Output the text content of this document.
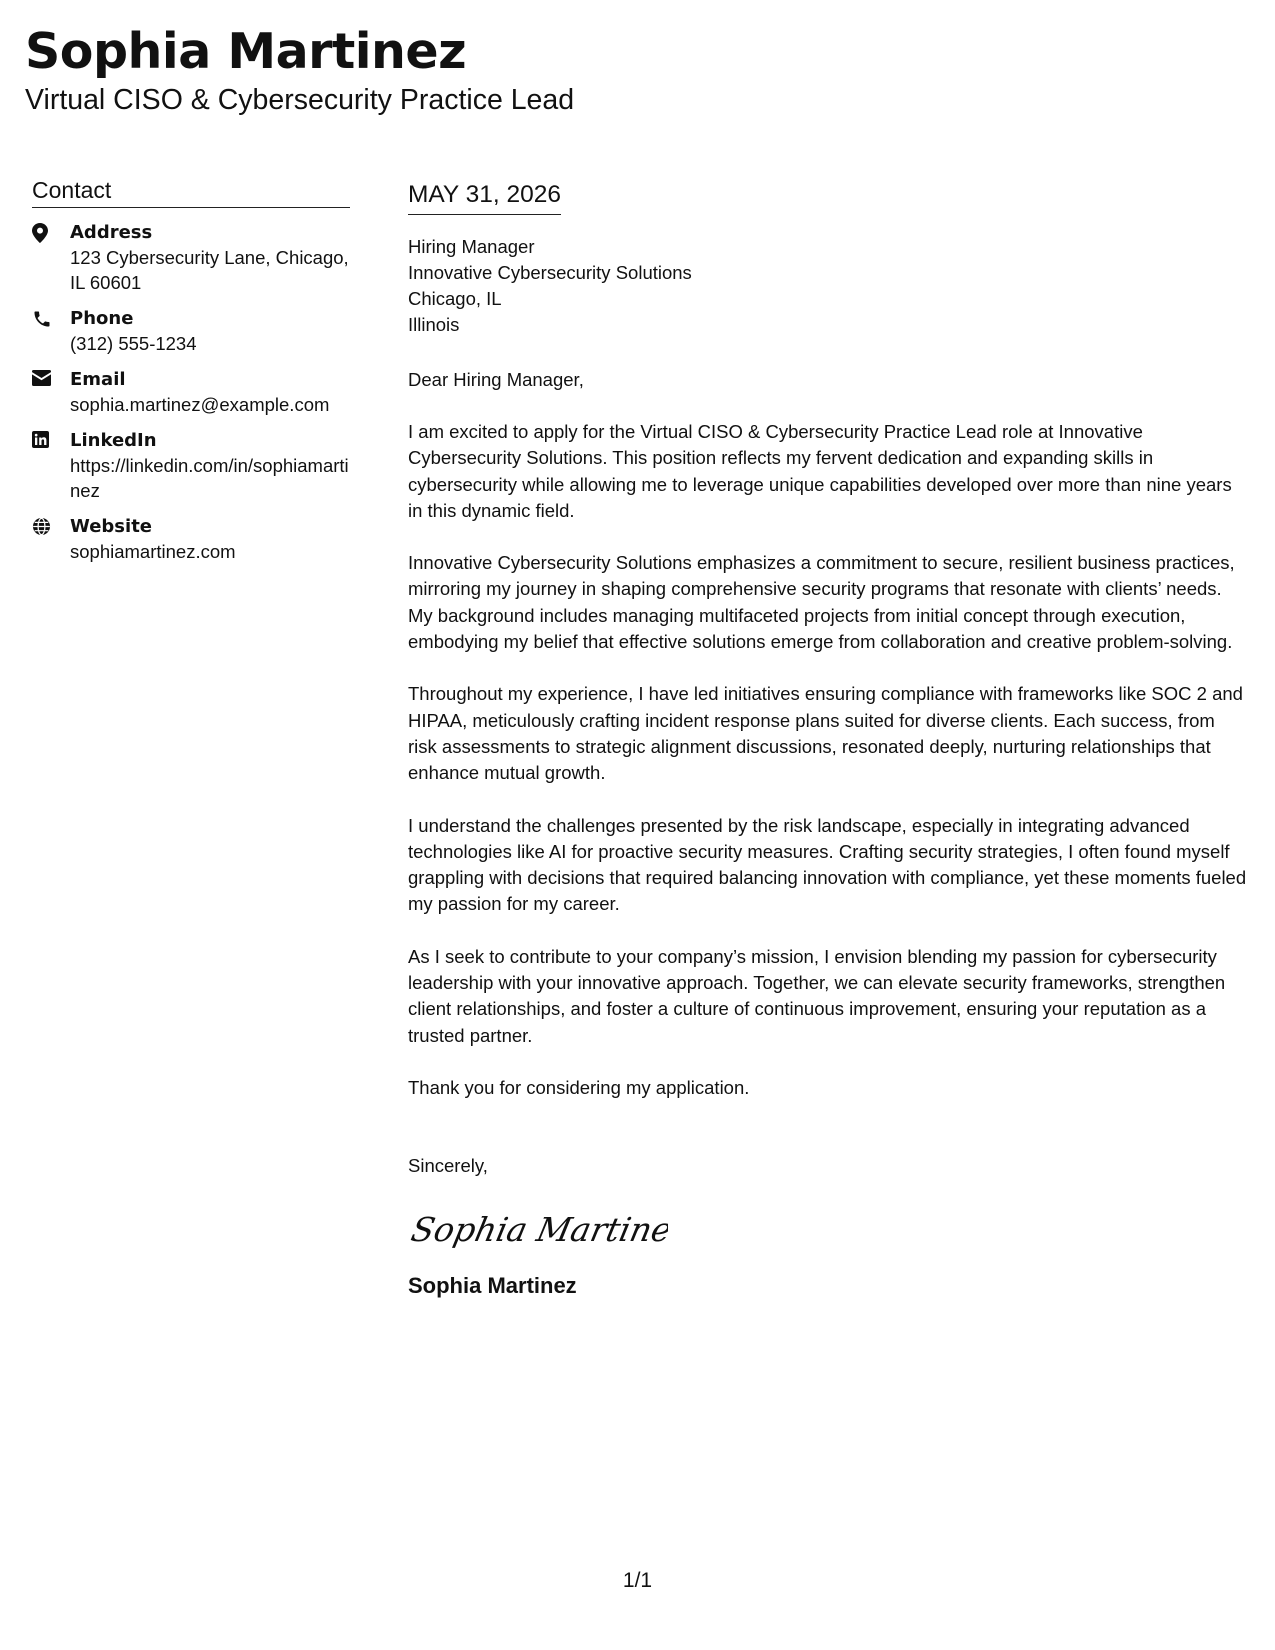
Sophia Martinez
Virtual CISO & Cybersecurity Practice Lead
Contact
Address
123 Cybersecurity Lane, Chicago, IL 60601
Phone
(312) 555-1234
Email
sophia.martinez@example.com
LinkedIn
https://linkedin.com/in/sophiamartinez
Website
sophiamartinez.com
MAY 31, 2026
Hiring Manager
Innovative Cybersecurity Solutions
Chicago, IL
Illinois
Dear Hiring Manager,
I am excited to apply for the Virtual CISO & Cybersecurity Practice Lead role at Innovative Cybersecurity Solutions. This position reflects my fervent dedication and expanding skills in cybersecurity while allowing me to leverage unique capabilities developed over more than nine years in this dynamic field.
Innovative Cybersecurity Solutions emphasizes a commitment to secure, resilient business practices, mirroring my journey in shaping comprehensive security programs that resonate with clients’ needs. My background includes managing multifaceted projects from initial concept through execution, embodying my belief that effective solutions emerge from collaboration and creative problem-solving.
Throughout my experience, I have led initiatives ensuring compliance with frameworks like SOC 2 and HIPAA, meticulously crafting incident response plans suited for diverse clients. Each success, from risk assessments to strategic alignment discussions, resonated deeply, nurturing relationships that enhance mutual growth.
I understand the challenges presented by the risk landscape, especially in integrating advanced technologies like AI for proactive security measures. Crafting security strategies, I often found myself grappling with decisions that required balancing innovation with compliance, yet these moments fueled my passion for my career.
As I seek to contribute to your company’s mission, I envision blending my passion for cybersecurity leadership with your innovative approach. Together, we can elevate security frameworks, strengthen client relationships, and foster a culture of continuous improvement, ensuring your reputation as a trusted partner.
Thank you for considering my application.
Sincerely,
Sophia Martinez
Sophia Martinez
1/1
